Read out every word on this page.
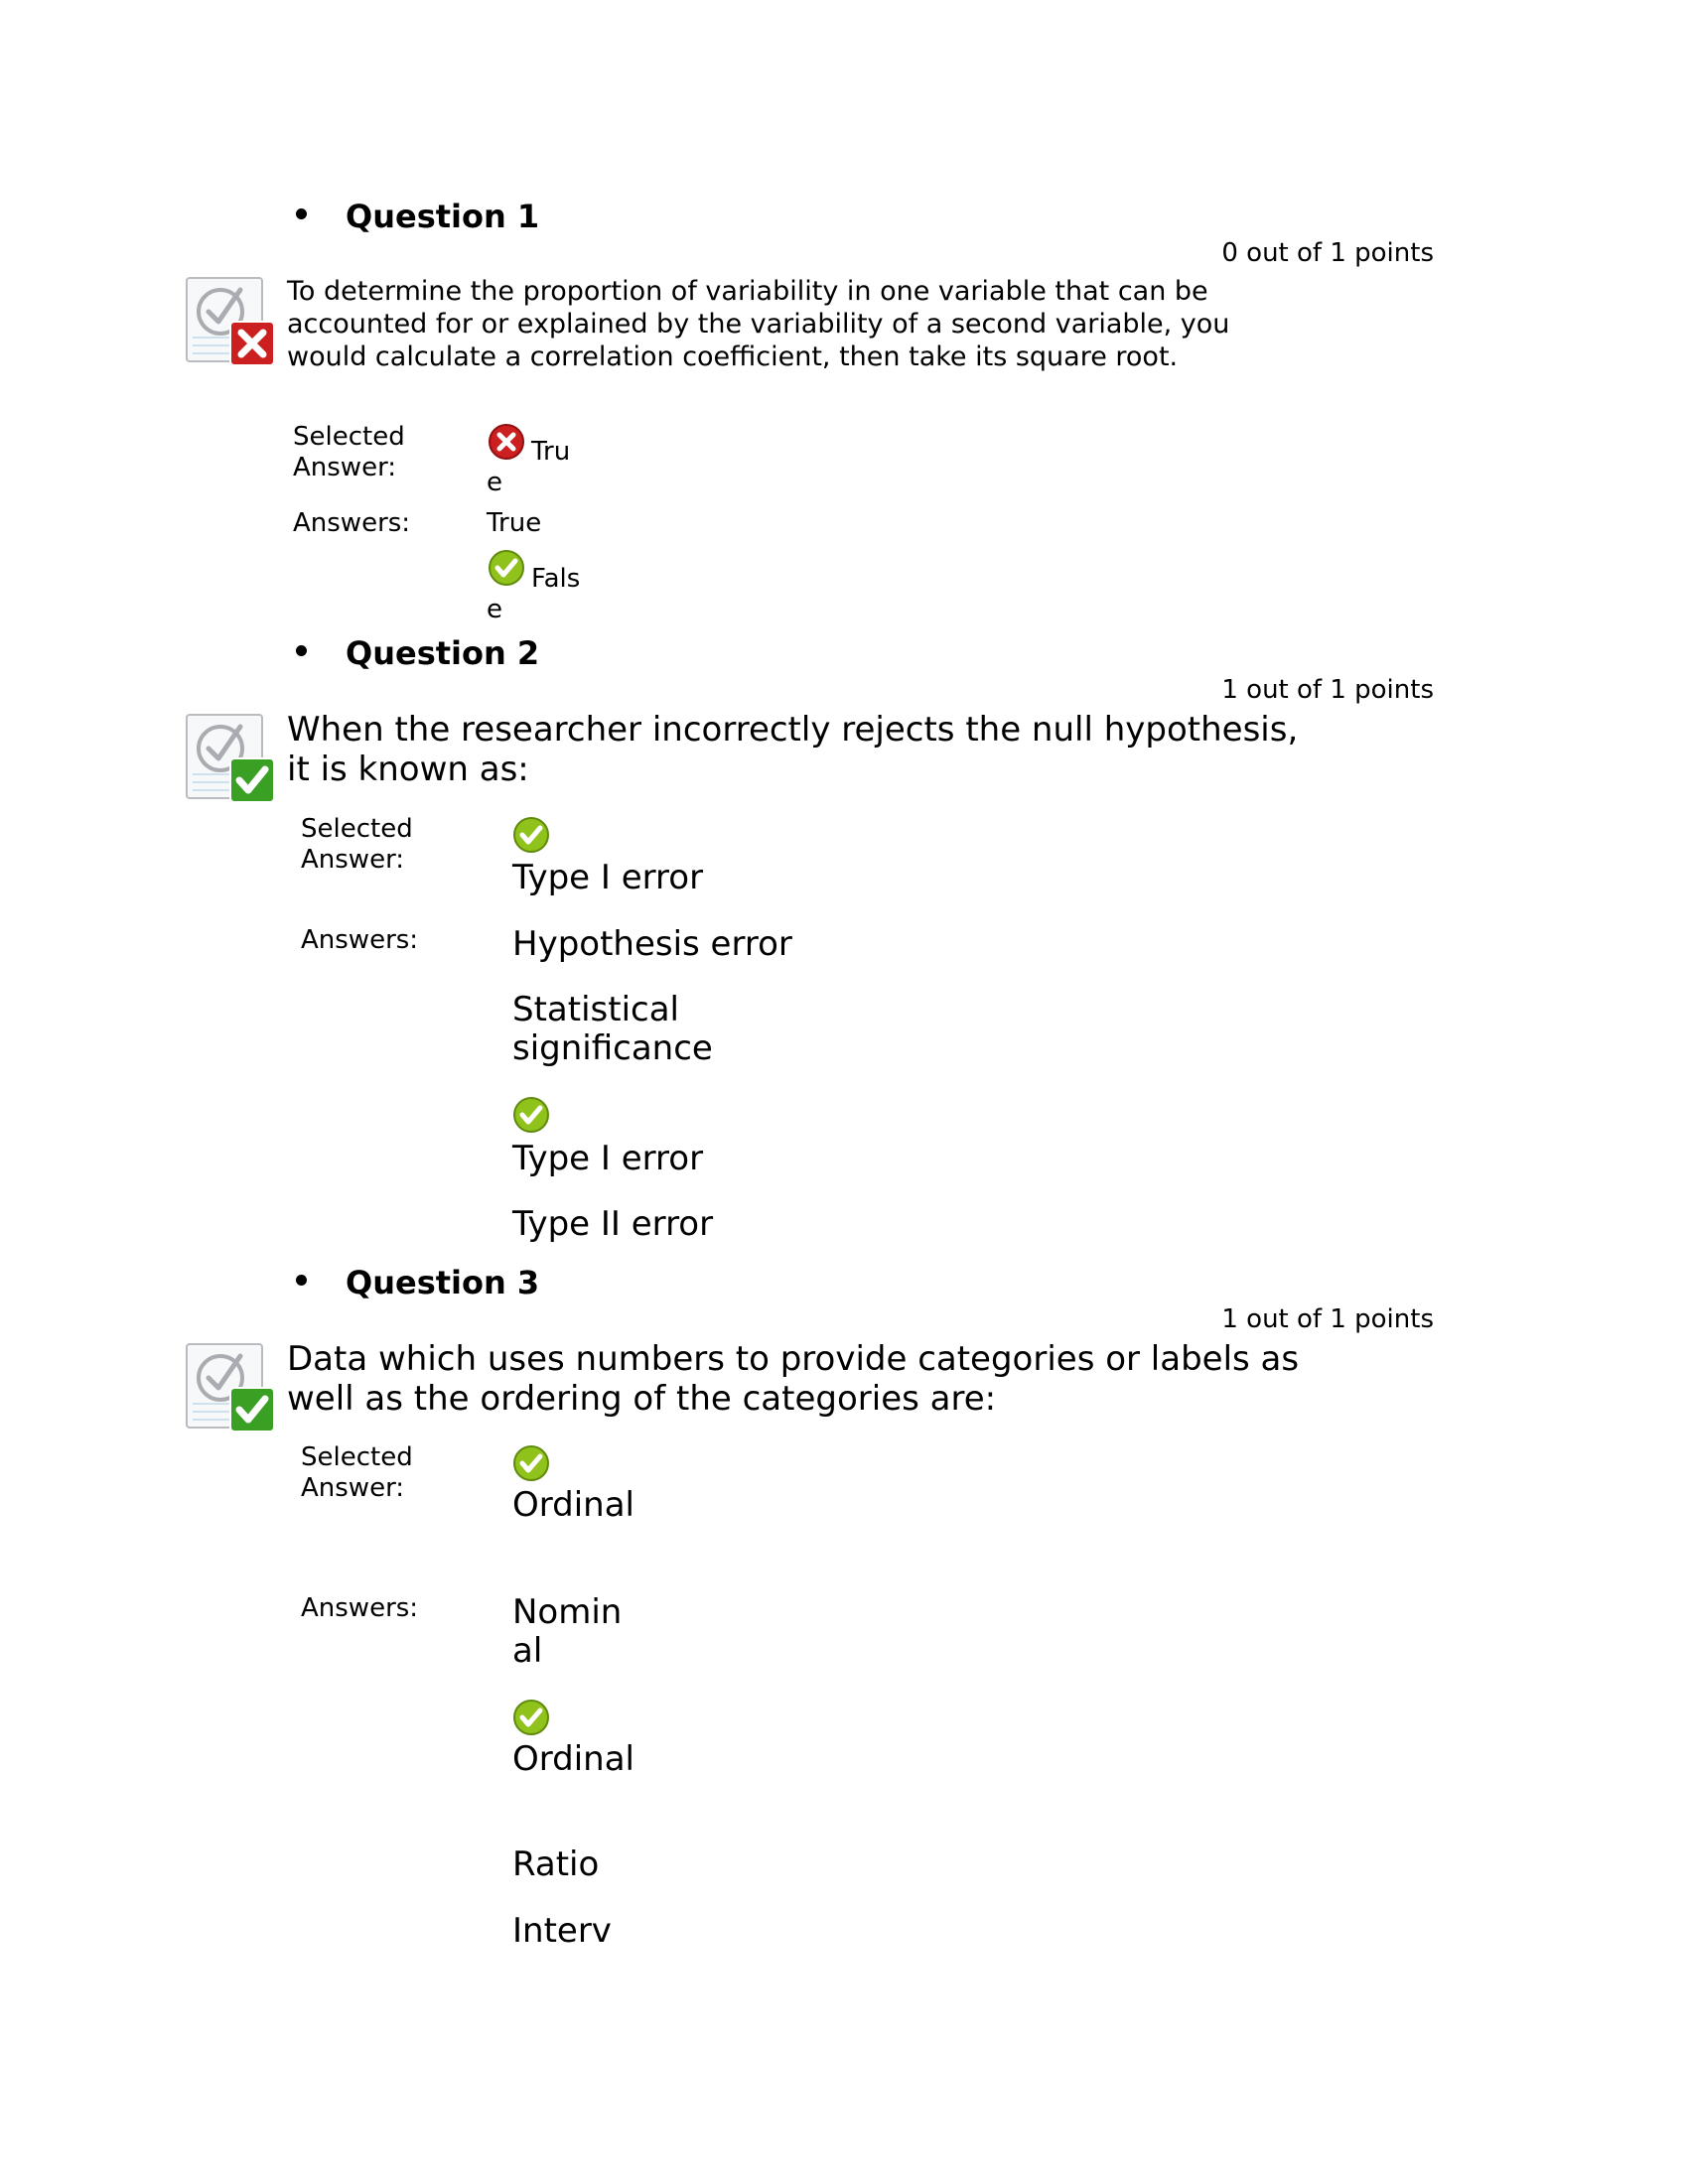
Question 1
0 out of 1 points
To determine the proportion of variability in one variable that can be accounted for or explained by the variability of a second variable, you would calculate a correlation coefficient, then take its square root.
Selected Answer:
True
Answers:	True
False
Question 2
1 out of 1 points
When the researcher incorrectly rejects the null hypothesis, it is known as:
Selected Answer:	Type I error
Answers:	Hypothesis error
Statistical significance
Type I error
Type II error
Question 3
1 out of 1 points
Data which uses numbers to provide categories or labels as well as the ordering of the categories are:
Selected Answer:	Ordinal
Answers:	Nominal
Ordinal
Ratio
Interv
